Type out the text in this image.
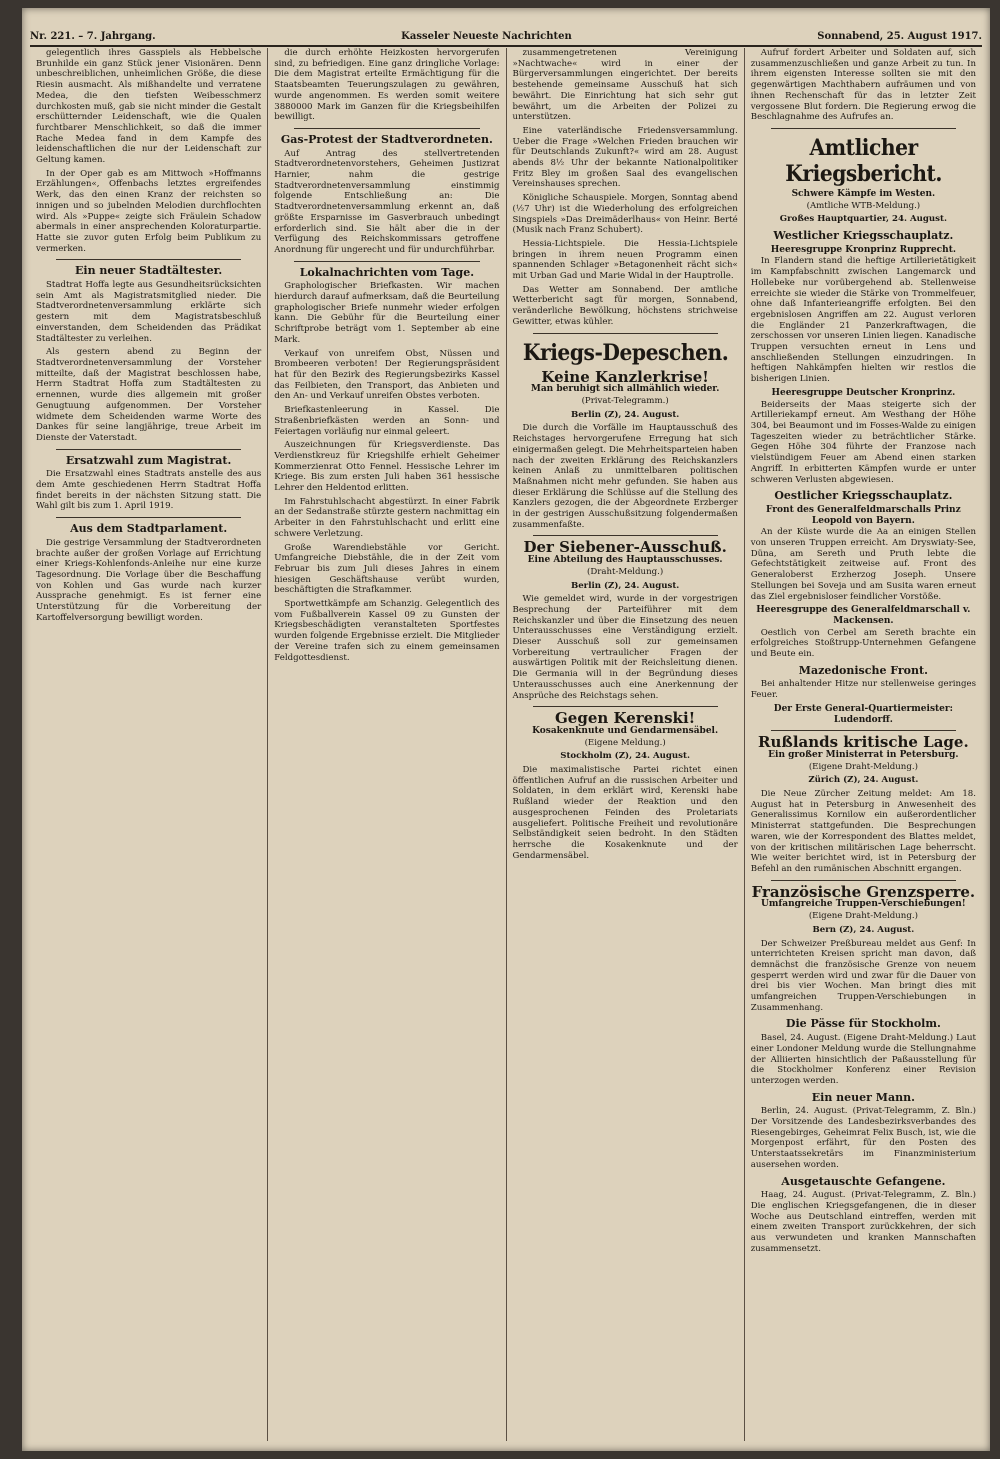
Nr. 221. – 7. Jahrgang.	Kasseler Neueste Nachrichten	Sonnabend, 25. August 1917.

gelegentlich ihres Gasspiels als Hebbelsche Brunhilde ein ganz Stück jener Visionären. Denn unbeschreiblichen, unheimlichen Größe, die diese Riesin ausmacht. Als mißhandelte und verratene Medea, die den tiefsten Weibesschmerz durchkosten muß, gab sie nicht minder die Gestalt erschütternder Leidenschaft, wie die Qualen furchtbarer Menschlichkeit, so daß die immer Rache Medea fand in dem Kampfe des leidenschaftlichen die nur der Leidenschaft zur Geltung kamen.

In der Oper gab es am Mittwoch »Hoffmanns Erzählungen«, Offenbachs letztes ergreifendes Werk, das den einen Kranz der reichsten so innigen und so jubelnden Melodien durchflochten wird. Als »Puppe« zeigte sich Fräulein Schadow abermals in einer ansprechenden Koloraturpartie. Hatte sie zuvor guten Erfolg beim Publikum zu vermerken.

Ein neuer Stadtältester.

Stadtrat Hoffa legte aus Gesundheitsrücksichten sein Amt als Magistratsmitglied nieder. Die Stadtverordnetenversammlung erklärte sich gestern mit dem Magistratsbeschluß einverstanden, dem Scheidenden das Prädikat Stadtältester zu verleihen.

Als gestern abend zu Beginn der Stadtverordnetenversammlung der Vorsteher mitteilte, daß der Magistrat beschlossen habe, Herrn Stadtrat Hoffa zum Stadtältesten zu ernennen, wurde dies allgemein mit großer Genugtuung aufgenommen. Der Vorsteher widmete dem Scheidenden warme Worte des Dankes für seine langjährige, treue Arbeit im Dienste der Vaterstadt.

Ersatzwahl zum Magistrat.

Die Ersatzwahl eines Stadtrats anstelle des aus dem Amte geschiedenen Herrn Stadtrat Hoffa findet bereits in der nächsten Sitzung statt. Die Wahl gilt bis zum 1. April 1919.

Aus dem Stadtparlament.

Die gestrige Versammlung der Stadtverordneten brachte außer der großen Vorlage auf Errichtung einer Kriegs-Kohlenfonds-Anleihe nur eine kurze Tagesordnung. Die Vorlage über die Beschaffung von Kohlen und Gas wurde nach kurzer Aussprache genehmigt. Es ist ferner eine Unterstützung für die Vorbereitung der Kartoffelversorgung bewilligt worden.

die durch erhöhte Heizkosten hervorgerufen sind, zu befriedigen. Eine ganz dringliche Vorlage: Die dem Magistrat erteilte Ermächtigung für die Staatsbeamten Teuerungszulagen zu gewähren, wurde angenommen. Es werden somit weitere 3880000 Mark im Ganzen für die Kriegsbeihilfen bewilligt.

Gas-Protest der Stadtverordneten.

Auf Antrag des stellvertretenden Stadtverordnetenvorstehers, Geheimen Justizrat Harnier, nahm die gestrige Stadtverordnetenversammlung einstimmig folgende Entschließung an: Die Stadtverordnetenversammlung erkennt an, daß größte Ersparnisse im Gasverbrauch unbedingt erforderlich sind. Sie hält aber die in der Verfügung des Reichskommissars getroffene Anordnung für ungerecht und für undurchführbar.

Lokalnachrichten vom Tage.

Graphologischer Briefkasten. Wir machen hierdurch darauf aufmerksam, daß die Beurteilung graphologischer Briefe nunmehr wieder erfolgen kann. Die Gebühr für die Beurteilung einer Schriftprobe beträgt vom 1. September ab eine Mark.

Verkauf von unreifem Obst, Nüssen und Brombeeren verboten! Der Regierungspräsident hat für den Bezirk des Regierungsbezirks Kassel das Feilbieten, den Transport, das Anbieten und den An- und Verkauf unreifen Obstes verboten.

Briefkastenleerung in Kassel. Die Straßenbriefkästen werden an Sonn- und Feiertagen vorläufig nur einmal geleert.

Auszeichnungen für Kriegsverdienste. Das Verdienstkreuz für Kriegshilfe erhielt Geheimer Kommerzienrat Otto Fennel. Hessische Lehrer im Kriege. Bis zum ersten Juli haben 361 hessische Lehrer den Heldentod erlitten.

Im Fahrstuhlschacht abgestürzt. In einer Fabrik an der Sedanstraße stürzte gestern nachmittag ein Arbeiter in den Fahrstuhlschacht und erlitt eine schwere Verletzung.

Große Warendiebstähle vor Gericht. Umfangreiche Diebstähle, die in der Zeit vom Februar bis zum Juli dieses Jahres in einem hiesigen Geschäftshause verübt wurden, beschäftigten die Strafkammer.

Sportwettkämpfe am Schanzig. Gelegentlich des vom Fußballverein Kassel 09 zu Gunsten der Kriegsbeschädigten veranstalteten Sportfestes wurden folgende Ergebnisse erzielt. Die Mitglieder der Vereine trafen sich zu einem gemeinsamen Feldgottesdienst.

zusammengetretenen Vereinigung »Nachtwache« wird in einer der Bürgerversammlungen eingerichtet. Der bereits bestehende gemeinsame Ausschuß hat sich bewährt. Die Einrichtung hat sich sehr gut bewährt, um die Arbeiten der Polizei zu unterstützen.

Eine vaterländische Friedensversammlung. Ueber die Frage »Welchen Frieden brauchen wir für Deutschlands Zukunft?« wird am 28. August abends 8½ Uhr der bekannte Nationalpolitiker Fritz Bley im großen Saal des evangelischen Vereinshauses sprechen.

Königliche Schauspiele. Morgen, Sonntag abend (½7 Uhr) ist die Wiederholung des erfolgreichen Singspiels »Das Dreimäderlhaus« von Heinr. Berté (Musik nach Franz Schubert).

Hessia-Lichtspiele. Die Hessia-Lichtspiele bringen in ihrem neuen Programm einen spannenden Schlager »Betagonenheit rächt sich« mit Urban Gad und Marie Widal in der Hauptrolle.

Das Wetter am Sonnabend. Der amtliche Wetterbericht sagt für morgen, Sonnabend, veränderliche Bewölkung, höchstens strichweise Gewitter, etwas kühler.

Kriegs-Depeschen.
Keine Kanzlerkrise!
Man beruhigt sich allmählich wieder.
(Privat-Telegramm.)
Berlin (Z), 24. August.

Die durch die Vorfälle im Hauptausschuß des Reichstages hervorgerufene Erregung hat sich einigermaßen gelegt. Die Mehrheitsparteien haben nach der zweiten Erklärung des Reichskanzlers keinen Anlaß zu unmittelbaren politischen Maßnahmen nicht mehr gefunden. Sie haben aus dieser Erklärung die Schlüsse auf die Stellung des Kanzlers gezogen, die der Abgeordnete Erzberger in der gestrigen Ausschußsitzung folgendermaßen zusammenfaßte.

Der Siebener-Ausschuß.
Eine Abteilung des Hauptausschusses.
(Draht-Meldung.)
Berlin (Z), 24. August.

Wie gemeldet wird, wurde in der vorgestrigen Besprechung der Parteiführer mit dem Reichskanzler und über die Einsetzung des neuen Unterausschusses eine Verständigung erzielt. Dieser Ausschuß soll zur gemeinsamen Vorbereitung vertraulicher Fragen der auswärtigen Politik mit der Reichsleitung dienen. Die Germania will in der Begründung dieses Unterausschusses auch eine Anerkennung der Ansprüche des Reichstags sehen.

Gegen Kerenski!
Kosakenknute und Gendarmensäbel.
(Eigene Meldung.)
Stockholm (Z), 24. August.

Die maximalistische Partei richtet einen öffentlichen Aufruf an die russischen Arbeiter und Soldaten, in dem erklärt wird, Kerenski habe Rußland wieder der Reaktion und den ausgesprochenen Feinden des Proletariats ausgeliefert. Politische Freiheit und revolutionäre Selbständigkeit seien bedroht. In den Städten herrsche die Kosakenknute und der Gendarmensäbel.

Aufruf fordert Arbeiter und Soldaten auf, sich zusammenzuschließen und ganze Arbeit zu tun. In ihrem eigensten Interesse sollten sie mit den gegenwärtigen Machthabern aufräumen und von ihnen Rechenschaft für das in letzter Zeit vergossene Blut fordern. Die Regierung erwog die Beschlagnahme des Aufrufes an.

Amtlicher Kriegsbericht.
Schwere Kämpfe im Westen.
(Amtliche WTB-Meldung.)
Großes Hauptquartier, 24. August.
Westlicher Kriegsschauplatz.
Heeresgruppe Kronprinz Rupprecht.

In Flandern stand die heftige Artillerietätigkeit im Kampfabschnitt zwischen Langemarck und Hollebeke nur vorübergehend ab. Stellenweise erreichte sie wieder die Stärke von Trommelfeuer, ohne daß Infanterieangriffe erfolgten. Bei den ergebnislosen Angriffen am 22. August verloren die Engländer 21 Panzerkraftwagen, die zerschossen vor unseren Linien liegen. Kanadische Truppen versuchten erneut in Lens und anschließenden Stellungen einzudringen. In heftigen Nahkämpfen hielten wir restlos die bisherigen Linien.

Heeresgruppe Deutscher Kronprinz.

Beiderseits der Maas steigerte sich der Artilleriekampf erneut. Am Westhang der Höhe 304, bei Beaumont und im Fosses-Walde zu einigen Tageszeiten wieder zu beträchtlicher Stärke. Gegen Höhe 304 führte der Franzose nach vielstündigem Feuer am Abend einen starken Angriff. In erbitterten Kämpfen wurde er unter schweren Verlusten abgewiesen.

Oestlicher Kriegsschauplatz.
Front des Generalfeldmarschalls Prinz Leopold von Bayern.

An der Küste wurde die Aa an einigen Stellen von unseren Truppen erreicht. Am Dryswiaty-See, Düna, am Sereth und Pruth lebte die Gefechtstätigkeit zeitweise auf. Front des Generaloberst Erzherzog Joseph. Unsere Stellungen bei Soveja und am Susita waren erneut das Ziel ergebnisloser feindlicher Vorstöße.

Heeresgruppe des Generalfeldmarschall v. Mackensen.

Oestlich von Cerbel am Sereth brachte ein erfolgreiches Stoßtrupp-Unternehmen Gefangene und Beute ein.

Mazedonische Front.

Bei anhaltender Hitze nur stellenweise geringes Feuer.

Der Erste General-Quartiermeister: Ludendorff.
Rußlands kritische Lage.
Ein großer Ministerrat in Petersburg.
(Eigene Draht-Meldung.)
Zürich (Z), 24. August.

Die Neue Zürcher Zeitung meldet: Am 18. August hat in Petersburg in Anwesenheit des Generalissimus Kornilow ein außerordentlicher Ministerrat stattgefunden. Die Besprechungen waren, wie der Korrespondent des Blattes meldet, von der kritischen militärischen Lage beherrscht. Wie weiter berichtet wird, ist in Petersburg der Befehl an den rumänischen Abschnitt ergangen.

Französische Grenzsperre.
Umfangreiche Truppen-Verschiebungen!
(Eigene Draht-Meldung.)
Bern (Z), 24. August.

Der Schweizer Preßbureau meldet aus Genf: In unterrichteten Kreisen spricht man davon, daß demnächst die französische Grenze von neuem gesperrt werden wird und zwar für die Dauer von drei bis vier Wochen. Man bringt dies mit umfangreichen Truppen-Verschiebungen in Zusammenhang.

Die Pässe für Stockholm.

Basel, 24. August. (Eigene Draht-Meldung.) Laut einer Londoner Meldung wurde die Stellungnahme der Alliierten hinsichtlich der Paßausstellung für die Stockholmer Konferenz einer Revision unterzogen werden.

Ein neuer Mann.

Berlin, 24. August. (Privat-Telegramm, Z. Bln.) Der Vorsitzende des Landesbezirksverbandes des Riesengebirges, Geheimrat Felix Busch, ist, wie die Morgenpost erfährt, für den Posten des Unterstaatssekretärs im Finanzministerium ausersehen worden.

Ausgetauschte Gefangene.

Haag, 24. August. (Privat-Telegramm, Z. Bln.) Die englischen Kriegsgefangenen, die in dieser Woche aus Deutschland eintreffen, werden mit einem zweiten Transport zurückkehren, der sich aus verwundeten und kranken Mannschaften zusammensetzt.
